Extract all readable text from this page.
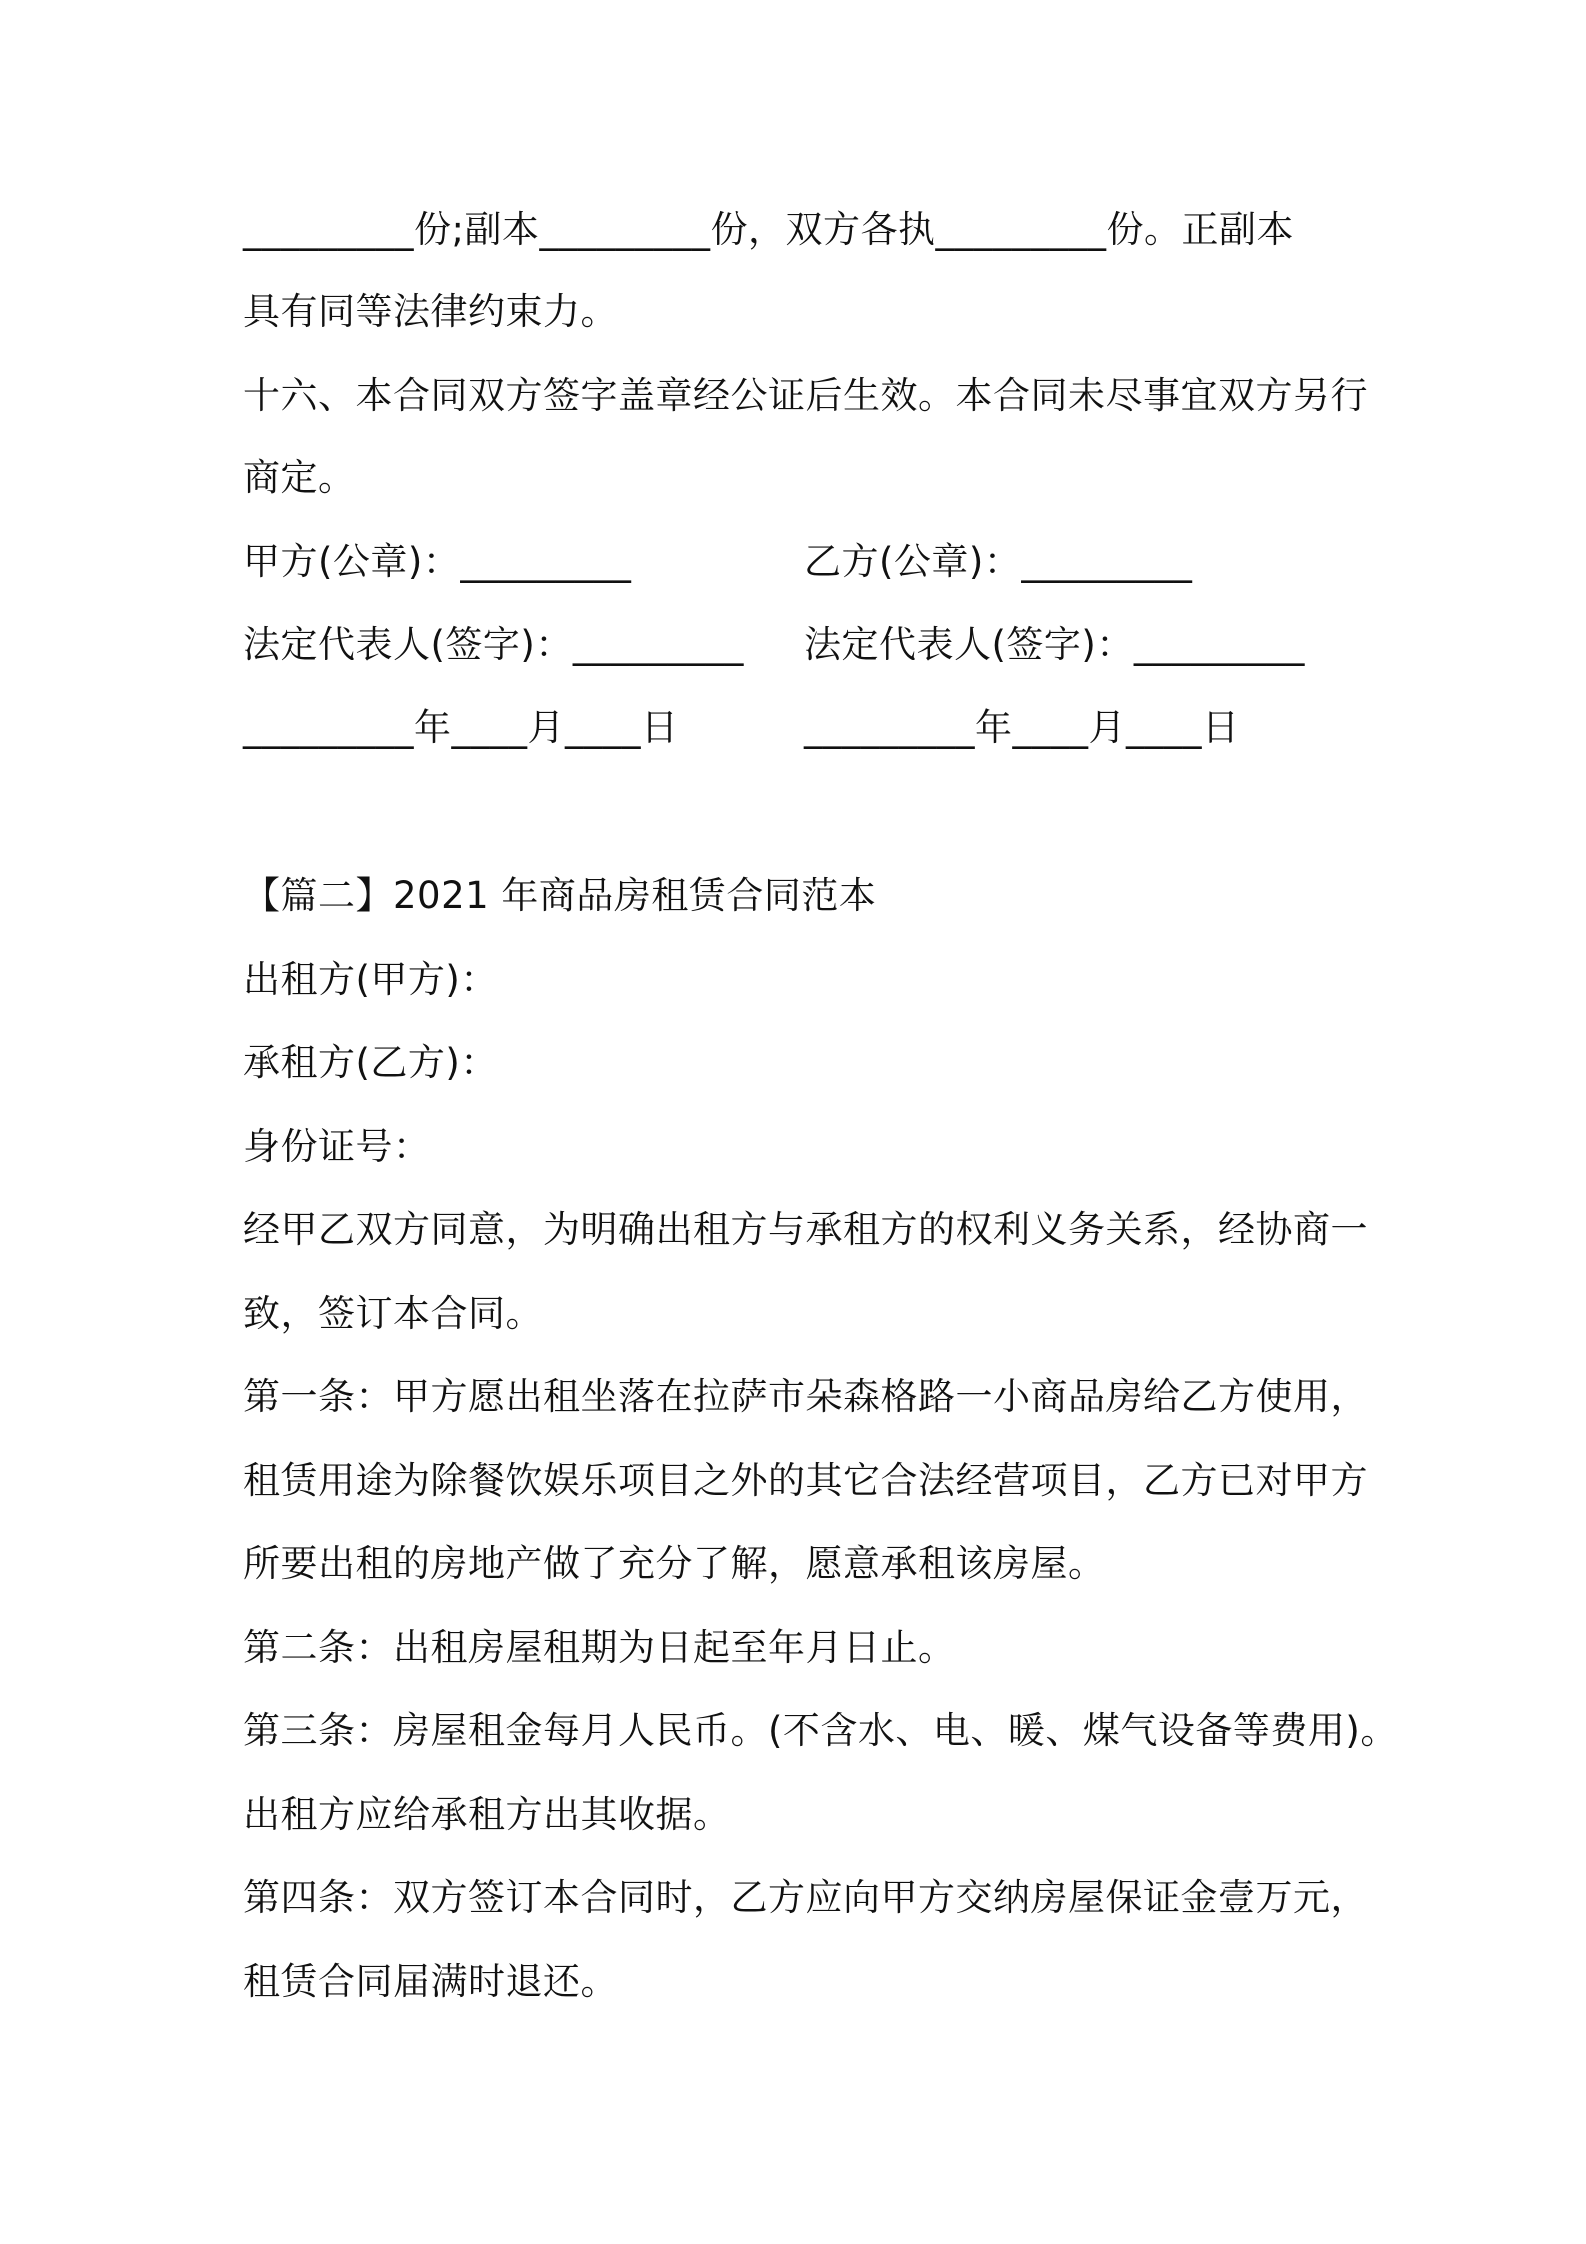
_________份;副本_________份，双方各执_________份。正副本
具有同等法律约束力。
十六、本合同双方签字盖章经公证后生效。本合同未尽事宜双方另行
商定。
甲方(公章)：_________	乙方(公章)：_________
法定代表人(签字)：_________	法定代表人(签字)：_________
_________年____月____日	_________年____月____日
【篇二】2021 年商品房租赁合同范本
出租方(甲方)：
承租方(乙方)：
身份证号：
经甲乙双方同意，为明确出租方与承租方的权利义务关系，经协商一
致，签订本合同。
第一条：甲方愿出租坐落在拉萨市朵森格路一小商品房给乙方使用，
租赁用途为除餐饮娱乐项目之外的其它合法经营项目，乙方已对甲方
所要出租的房地产做了充分了解，愿意承租该房屋。
第二条：出租房屋租期为日起至年月日止。
第三条：房屋租金每月人民币。(不含水、电、暖、煤气设备等费用)。
出租方应给承租方出其收据。
第四条：双方签订本合同时，乙方应向甲方交纳房屋保证金壹万元，
租赁合同届满时退还。
